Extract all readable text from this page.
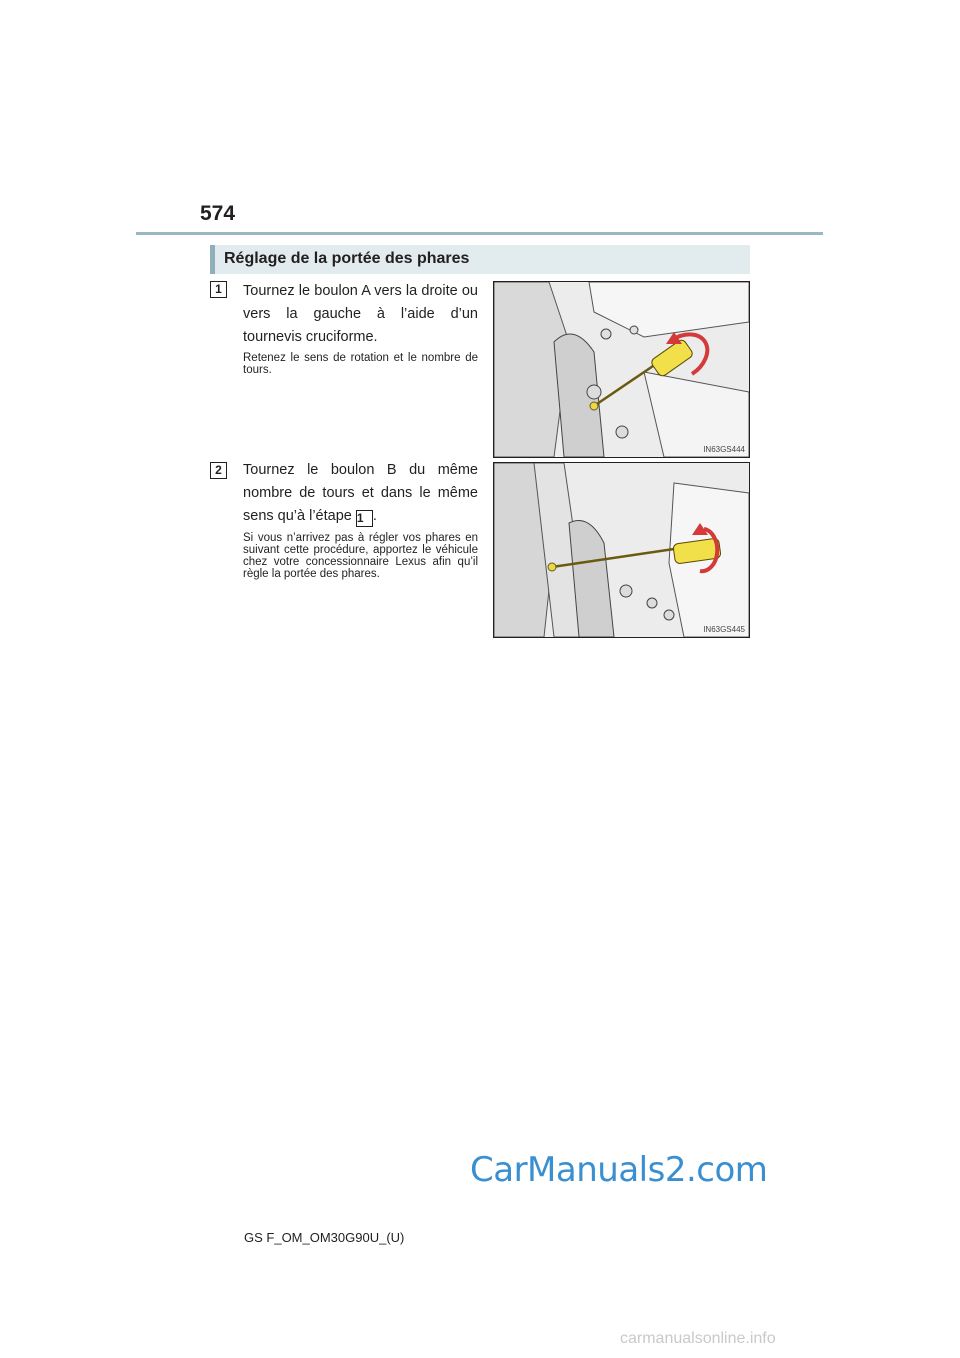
574
Réglage de la portée des phares
1	Tournez le boulon A vers la droite ou vers la gauche à l’aide d’un tournevis cruciforme.
Retenez le sens de rotation et le nombre de tours.
IN63GS444
2	Tournez le boulon B du même nombre de tours et dans le même sens qu’à l’étape 1 .
Si vous n’arrivez pas à régler vos phares en suivant cette procédure, apportez le véhicule chez votre concessionnaire Lexus afin qu’il règle la portée des phares.
IN63GS445
GS F_OM_OM30G90U_(U)
CarManuals2.com
carmanualsonline.info
